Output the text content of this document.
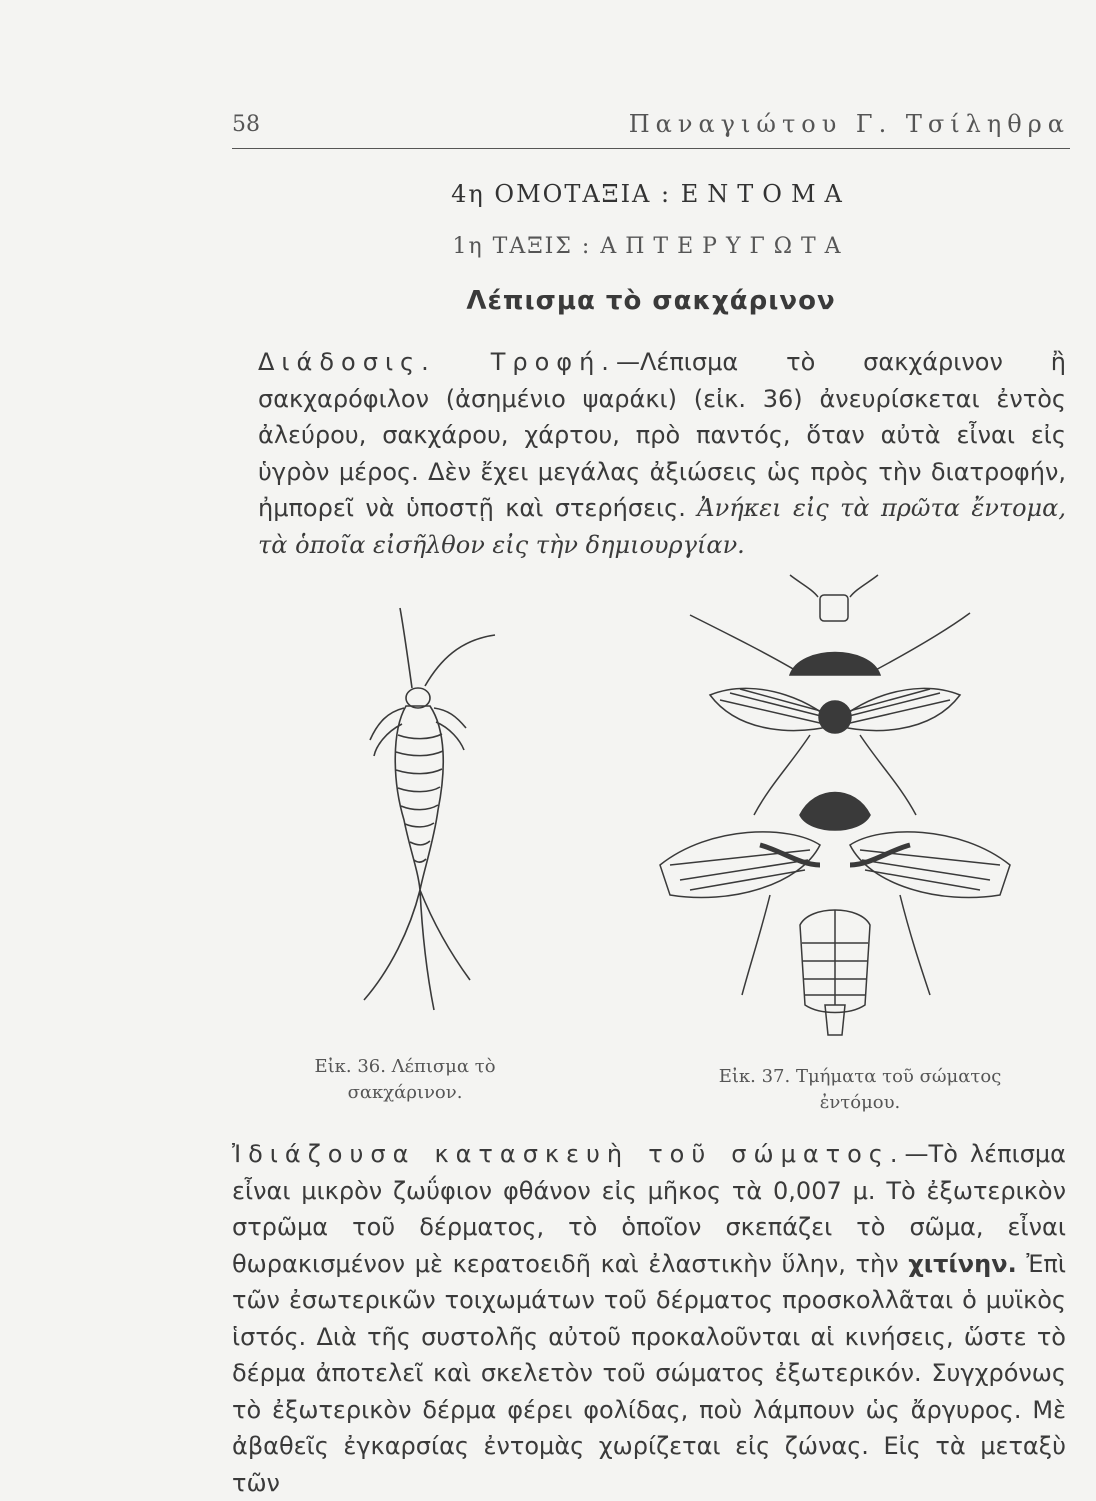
58	Παναγιώτου Γ. Τσίληθρα
4η ΟΜΟΤΑΞΙΑ : ΕΝΤΟΜΑ
1η ΤΑΞΙΣ : ΑΠΤΕΡΥΓΩΤΑ
Λέπισμα τὸ σακχάρινον
Διάδοσις. Τροφή.—Λέπισμα τὸ σακχάρινον ἢ σακχαρόφιλον (ἀσημένιο ψαράκι) (εἰκ. 36) ἀνευρίσκεται ἐντὸς ἀλεύρου, σακχάρου, χάρτου, πρὸ παντός, ὅταν αὐτὰ εἶναι εἰς ὑγρὸν μέρος. Δὲν ἔχει μεγάλας ἀξιώσεις ὡς πρὸς τὴν διατροφήν, ἠμπορεῖ νὰ ὑποστῇ καὶ στερήσεις. Ἀνήκει εἰς τὰ πρῶτα ἔντομα, τὰ ὁποῖα εἰσῆλθον εἰς τὴν δημιουργίαν.
Εἰκ. 36. Λέπισμα τὸ σακχάρινον.
Εἰκ. 37. Τμήματα τοῦ σώματος ἐντόμου.
Ἰδιάζουσα κατασκευὴ τοῦ σώματος.—Τὸ λέπισμα εἶναι μικρὸν ζωΰφιον φθάνον εἰς μῆκος τὰ 0,007 μ. Τὸ ἐξωτερικὸν στρῶμα τοῦ δέρματος, τὸ ὁποῖον σκεπάζει τὸ σῶμα, εἶναι θωρακισμένον μὲ κερατοειδῆ καὶ ἐλαστικὴν ὕλην, τὴν χιτίνην. Ἐπὶ τῶν ἐσωτερικῶν τοιχωμάτων τοῦ δέρματος προσκολλᾶται ὁ μυϊκὸς ἱστός. Διὰ τῆς συστολῆς αὐτοῦ προκαλοῦνται αἱ κινήσεις, ὥστε τὸ δέρμα ἀποτελεῖ καὶ σκελετὸν τοῦ σώματος ἐξωτερικόν. Συγχρόνως τὸ ἐξωτερικὸν δέρμα φέρει φολίδας, ποὺ λάμπουν ὡς ἄργυρος. Μὲ ἀβαθεῖς ἐγκαρσίας ἐντομὰς χωρίζεται εἰς ζώνας. Εἰς τὰ μεταξὺ τῶν
